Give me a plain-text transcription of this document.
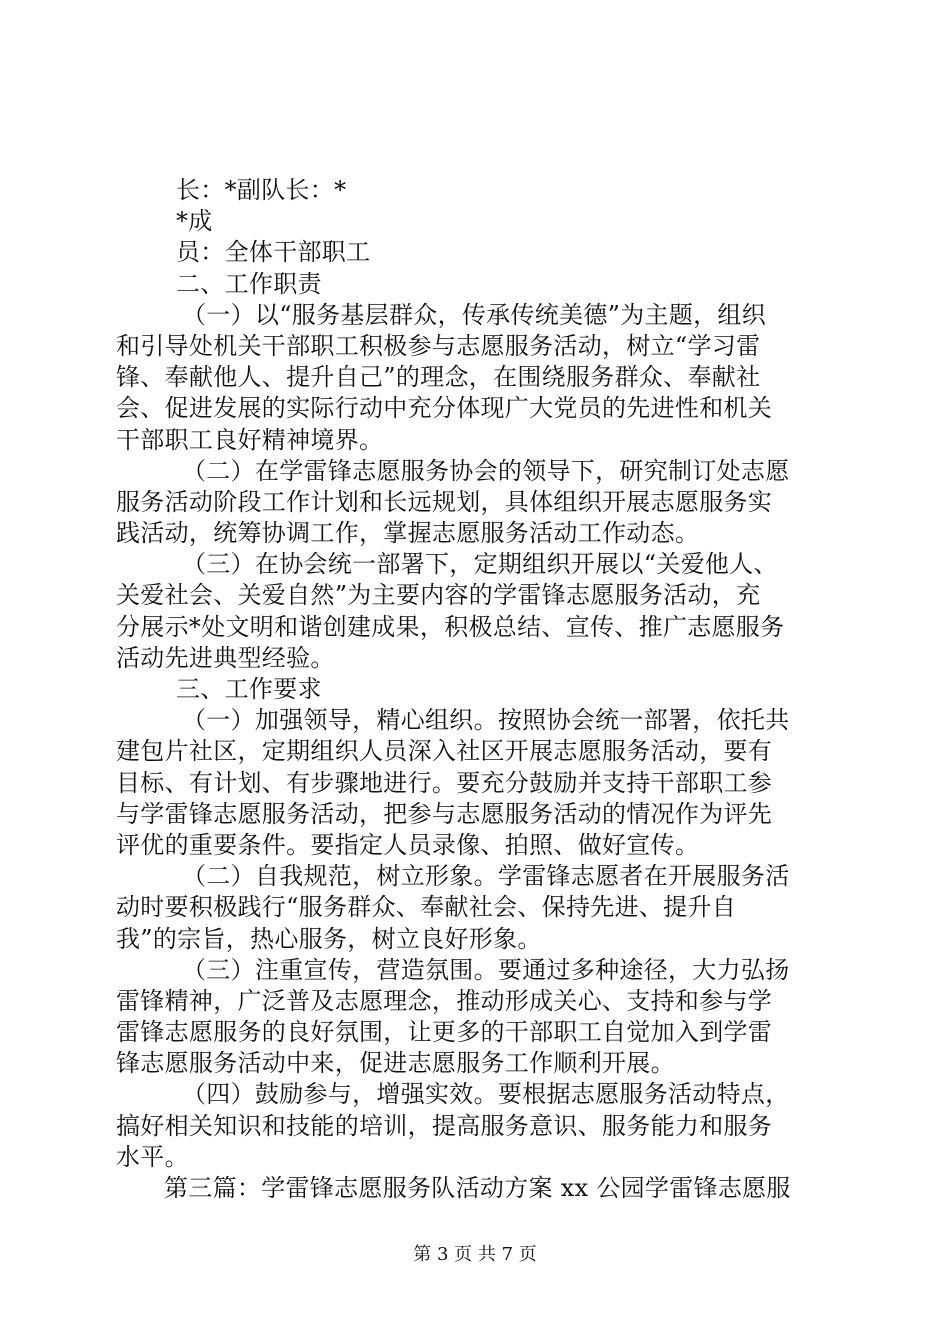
长：*副队长：*
*成
员：全体干部职工
二、工作职责
（一）以“服务基层群众，传承传统美德”为主题，组织
和引导处机关干部职工积极参与志愿服务活动，树立“学习雷
锋、奉献他人、提升自己”的理念，在围绕服务群众、奉献社
会、促进发展的实际行动中充分体现广大党员的先进性和机关
干部职工良好精神境界。
（二）在学雷锋志愿服务协会的领导下，研究制订处志愿
服务活动阶段工作计划和长远规划，具体组织开展志愿服务实
践活动，统筹协调工作，掌握志愿服务活动工作动态。
（三）在协会统一部署下，定期组织开展以“关爱他人、
关爱社会、关爱自然”为主要内容的学雷锋志愿服务活动，充
分展示*处文明和谐创建成果，积极总结、宣传、推广志愿服务
活动先进典型经验。
三、工作要求
（一）加强领导，精心组织。按照协会统一部署，依托共
建包片社区，定期组织人员深入社区开展志愿服务活动，要有
目标、有计划、有步骤地进行。要充分鼓励并支持干部职工参
与学雷锋志愿服务活动，把参与志愿服务活动的情况作为评先
评优的重要条件。要指定人员录像、拍照、做好宣传。
（二）自我规范，树立形象。学雷锋志愿者在开展服务活
动时要积极践行“服务群众、奉献社会、保持先进、提升自
我”的宗旨，热心服务，树立良好形象。
（三）注重宣传，营造氛围。要通过多种途径，大力弘扬
雷锋精神，广泛普及志愿理念，推动形成关心、支持和参与学
雷锋志愿服务的良好氛围，让更多的干部职工自觉加入到学雷
锋志愿服务活动中来，促进志愿服务工作顺利开展。
（四）鼓励参与，增强实效。要根据志愿服务活动特点，
搞好相关知识和技能的培训，提高服务意识、服务能力和服务
水平。
第三篇：学雷锋志愿服务队活动方案 xx 公园学雷锋志愿服
第 3 页 共 7 页
